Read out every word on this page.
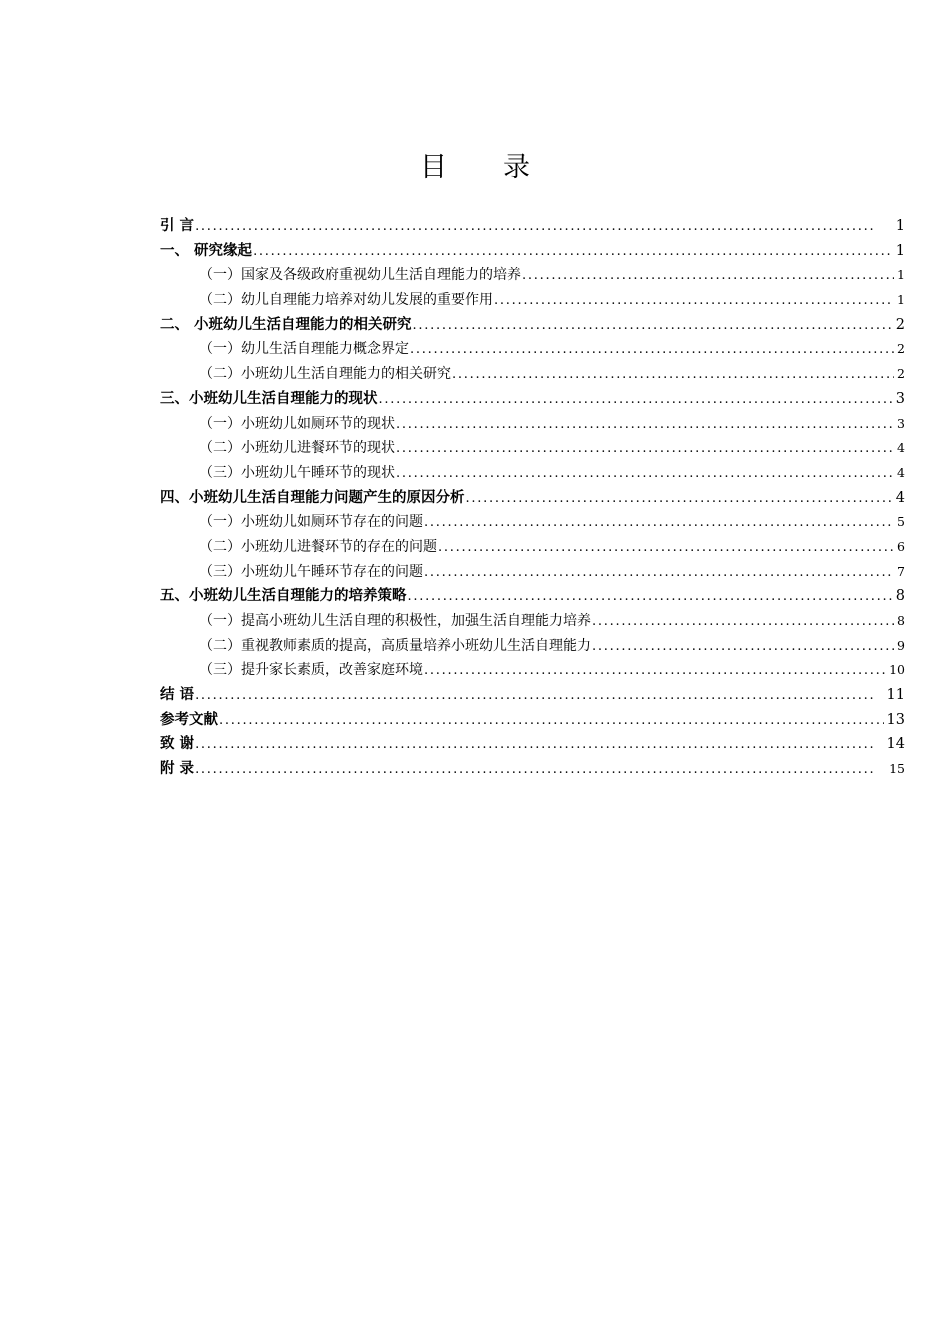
目 录
引 言 . . .	1
一、 研究缘起 . . .	1
（一）国家及各级政府重视幼儿生活自理能力的培养 . . .	1
（二）幼儿自理能力培养对幼儿发展的重要作用 . . .	1
二、 小班幼儿生活自理能力的相关研究 . . .	2
（一）幼儿生活自理能力概念界定 . . .	2
（二）小班幼儿生活自理能力的相关研究 . . .	2
三、小班幼儿生活自理能力的现状 . . .	3
（一）小班幼儿如厕环节的现状 . . .	3
（二）小班幼儿进餐环节的现状 . . .	4
（三）小班幼儿午睡环节的现状 . . .	4
四、小班幼儿生活自理能力问题产生的原因分析 . . .	4
（一）小班幼儿如厕环节存在的问题 . . .	5
（二）小班幼儿进餐环节的存在的问题 . . .	6
（三）小班幼儿午睡环节存在的问题 . . .	7
五、小班幼儿生活自理能力的培养策略 . . .	8
（一）提高小班幼儿生活自理的积极性，加强生活自理能力培养 . . .	8
（二）重视教师素质的提高，高质量培养小班幼儿生活自理能力 . . .	9
（三）提升家长素质，改善家庭环境 . . .	10
结 语 . . .	11
参考文献 . . .	13
致 谢 . . .	14
附 录 . . .	15
